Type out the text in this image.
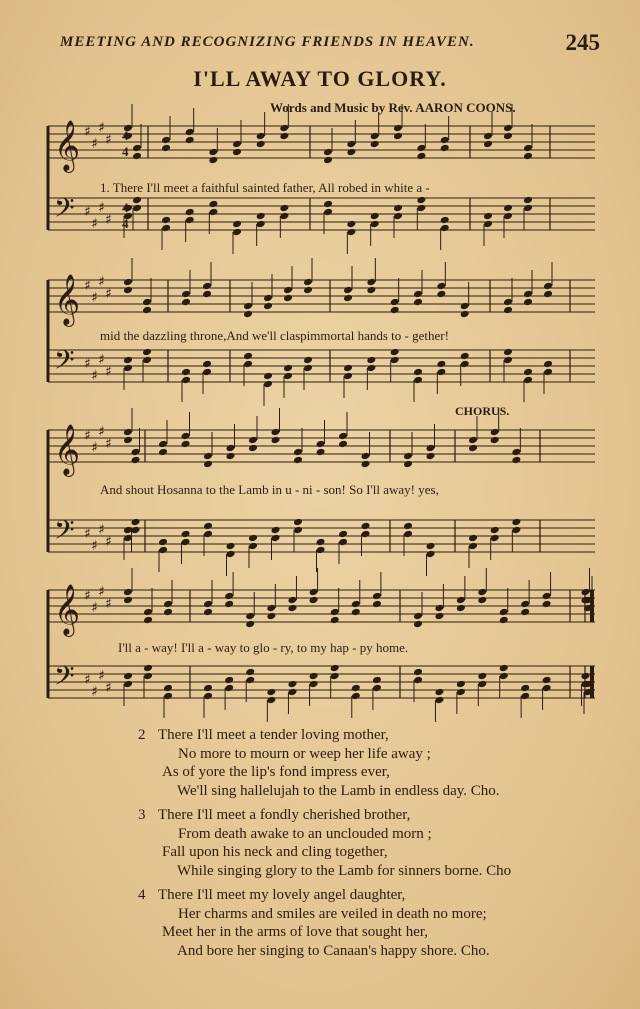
MEETING AND RECOGNIZING FRIENDS IN HEAVEN.	245
I'LL AWAY TO GLORY.
Words and Music by Rev. AARON COONS.
𝄞 ♯
♯
♯
♯
𝄢 ♯
♯
♯
♯
4
4
4
4
1. There I'll meet a faithful sainted father, All robed in white a -
𝄞 ♯
♯
♯
♯
𝄢 ♯
♯
♯
♯
mid the dazzling throne,And we'll claspimmortal hands to - gether!
CHORUS.
𝄞 ♯
♯
♯
♯
𝄢 ♯
♯
♯
♯
And shout Hosanna to the Lamb in u - ni - son! So I'll away! yes,
𝄞 ♯
♯
♯
♯
𝄢 ♯
♯
♯
♯
I'll a - way! I'll a - way to glo - ry, to my hap - py home.
2 There I'll meet a tender loving mother,
No more to mourn or weep her life away ;
As of yore the lip's fond impress ever,
We'll sing hallelujah to the Lamb in endless day. Cho.
3 There I'll meet a fondly cherished brother,
From death awake to an unclouded morn ;
Fall upon his neck and cling together,
While singing glory to the Lamb for sinners borne. Cho
4 There I'll meet my lovely angel daughter,
Her charms and smiles are veiled in death no more;
Meet her in the arms of love that sought her,
And bore her singing to Canaan's happy shore. Cho.
